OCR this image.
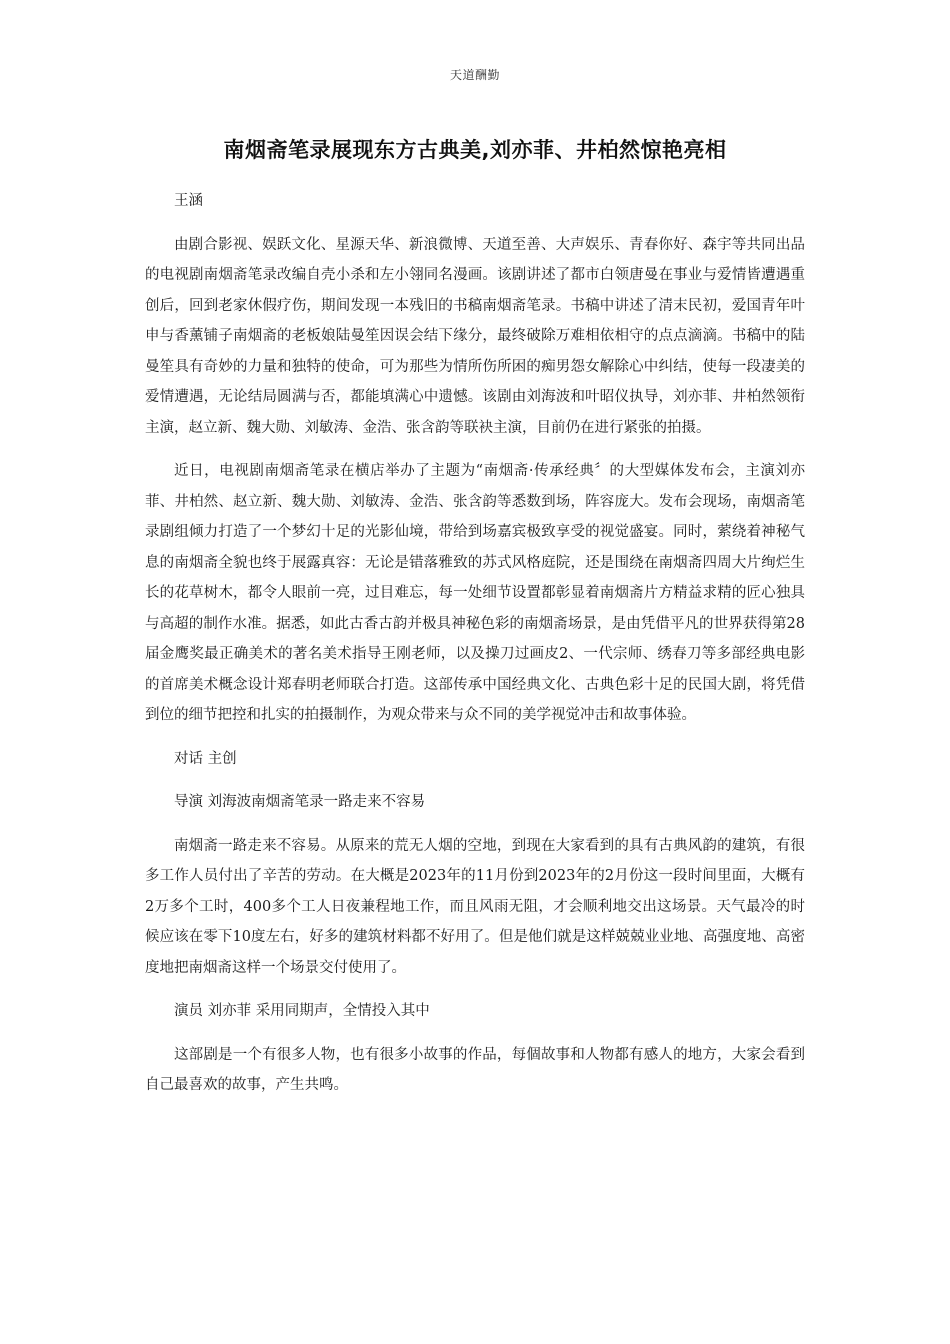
天道酬勤
南烟斋笔录展现东方古典美,刘亦菲、井柏然惊艳亮相

王涵

由剧合影视、娱跃文化、星源天华、新浪微博、天道至善、大声娱乐、青春你好、森宇等共同出品的电视剧南烟斋笔录改编自壳小杀和左小翎同名漫画。该剧讲述了都市白领唐曼在事业与爱情皆遭遇重创后，回到老家休假疗伤，期间发现一本残旧的书稿南烟斋笔录。书稿中讲述了清末民初，爱国青年叶申与香薰铺子南烟斋的老板娘陆曼笙因误会结下缘分，最终破除万难相依相守的点点滴滴。书稿中的陆曼笙具有奇妙的力量和独特的使命，可为那些为情所伤所困的痴男怨女解除心中纠结，使每一段凄美的爱情遭遇，无论结局圆满与否，都能填满心中遗憾。该剧由刘海波和叶昭仪执导，刘亦菲、井柏然领衔主演，赵立新、魏大勋、刘敏涛、金浩、张含韵等联袂主演，目前仍在进行紧张的拍摄。

近日，电视剧南烟斋笔录在横店举办了主题为“南烟斋·传承经典〞的大型媒体发布会，主演刘亦菲、井柏然、赵立新、魏大勋、刘敏涛、金浩、张含韵等悉数到场，阵容庞大。发布会现场，南烟斋笔录剧组倾力打造了一个梦幻十足的光影仙境，带给到场嘉宾极致享受的视觉盛宴。同时，萦绕着神秘气息的南烟斋全貌也终于展露真容：无论是错落雅致的苏式风格庭院，还是围绕在南烟斋四周大片绚烂生长的花草树木，都令人眼前一亮，过目难忘，每一处细节设置都彰显着南烟斋片方精益求精的匠心独具与高超的制作水准。据悉，如此古香古韵并极具神秘色彩的南烟斋场景，是由凭借平凡的世界获得第28届金鹰奖最正确美术的著名美术指导王刚老师，以及操刀过画皮2、一代宗师、绣春刀等多部经典电影的首席美术概念设计郑春明老师联合打造。这部传承中国经典文化、古典色彩十足的民国大剧，将凭借到位的细节把控和扎实的拍摄制作，为观众带来与众不同的美学视觉冲击和故事体验。

对话 主创

导演 刘海波南烟斋笔录一路走来不容易

南烟斋一路走来不容易。从原来的荒无人烟的空地，到现在大家看到的具有古典风韵的建筑，有很多工作人员付出了辛苦的劳动。在大概是2023年的11月份到2023年的2月份这一段时间里面，大概有2万多个工时，400多个工人日夜兼程地工作，而且风雨无阻，才会顺利地交出这场景。天气最冷的时候应该在零下10度左右，好多的建筑材料都不好用了。但是他们就是这样兢兢业业地、高强度地、高密度地把南烟斋这样一个场景交付使用了。

演员 刘亦菲 采用同期声，全情投入其中

这部剧是一个有很多人物，也有很多小故事的作品，每個故事和人物都有感人的地方，大家会看到自己最喜欢的故事，产生共鸣。
